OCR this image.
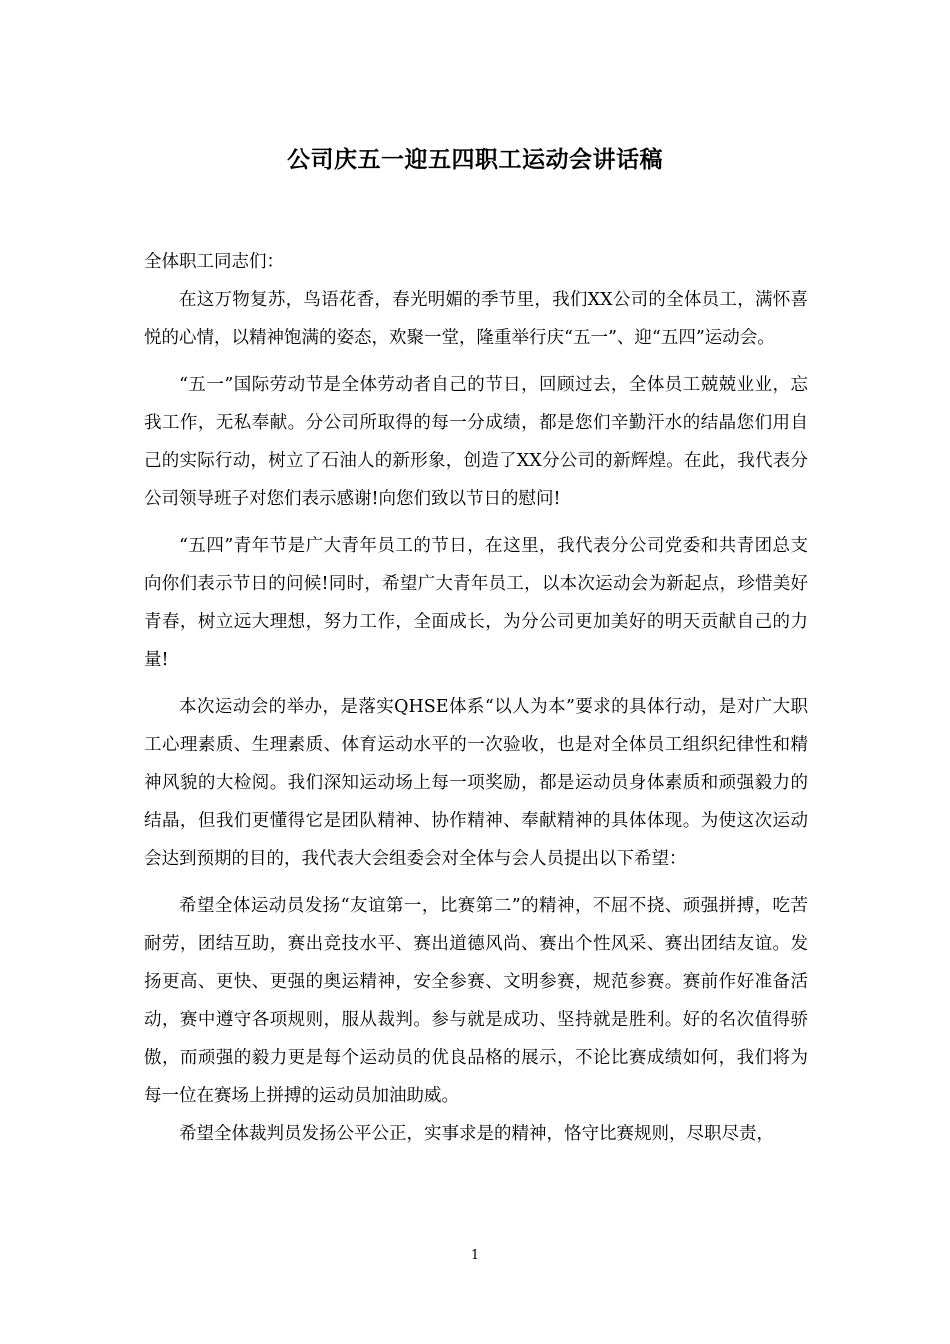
公司庆五一迎五四职工运动会讲话稿

全体职工同志们：

在这万物复苏，鸟语花香，春光明媚的季节里，我们XX公司的全体员工，满怀喜悦的心情，以精神饱满的姿态，欢聚一堂，隆重举行庆“五一”、迎“五四”运动会。

“五一”国际劳动节是全体劳动者自己的节日，回顾过去，全体员工兢兢业业，忘我工作，无私奉献。分公司所取得的每一分成绩，都是您们辛勤汗水的结晶您们用自己的实际行动，树立了石油人的新形象，创造了XX分公司的新辉煌。在此，我代表分公司领导班子对您们表示感谢!向您们致以节日的慰问!

“五四”青年节是广大青年员工的节日，在这里，我代表分公司党委和共青团总支向你们表示节日的问候!同时，希望广大青年员工，以本次运动会为新起点，珍惜美好青春，树立远大理想，努力工作，全面成长，为分公司更加美好的明天贡献自己的力量!

本次运动会的举办，是落实QHSE体系“以人为本”要求的具体行动，是对广大职工心理素质、生理素质、体育运动水平的一次验收，也是对全体员工组织纪律性和精神风貌的大检阅。我们深知运动场上每一项奖励，都是运动员身体素质和顽强毅力的结晶，但我们更懂得它是团队精神、协作精神、奉献精神的具体体现。为使这次运动会达到预期的目的，我代表大会组委会对全体与会人员提出以下希望：

希望全体运动员发扬“友谊第一，比赛第二”的精神，不屈不挠、顽强拼搏，吃苦耐劳，团结互助，赛出竞技水平、赛出道德风尚、赛出个性风采、赛出团结友谊。发扬更高、更快、更强的奥运精神，安全参赛、文明参赛，规范参赛。赛前作好准备活动，赛中遵守各项规则，服从裁判。参与就是成功、坚持就是胜利。好的名次值得骄傲，而顽强的毅力更是每个运动员的优良品格的展示，不论比赛成绩如何，我们将为每一位在赛场上拼搏的运动员加油助威。

希望全体裁判员发扬公平公正，实事求是的精神，恪守比赛规则，尽职尽责，

1
